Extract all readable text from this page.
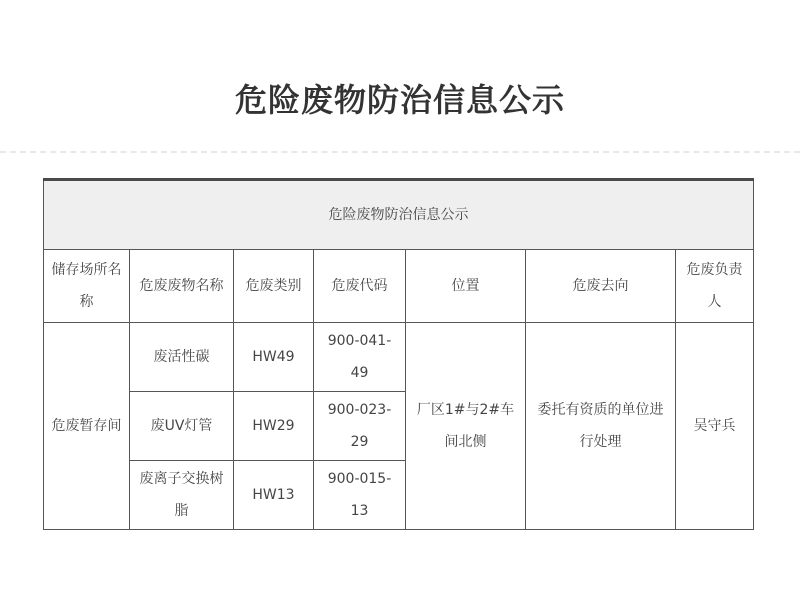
危险废物防治信息公示
危险废物防治信息公示						
储存场所名称	危废废物名称	危废类别	危废代码	位置	危废去向	危废负责人
危废暂存间	废活性碳	HW49	900-041-49	厂区1#与2#车间北侧	委托有资质的单位进行处理	吴守兵
	废UV灯管	HW29	900-023-29			
	废离子交换树脂	HW13	900-015-13			
